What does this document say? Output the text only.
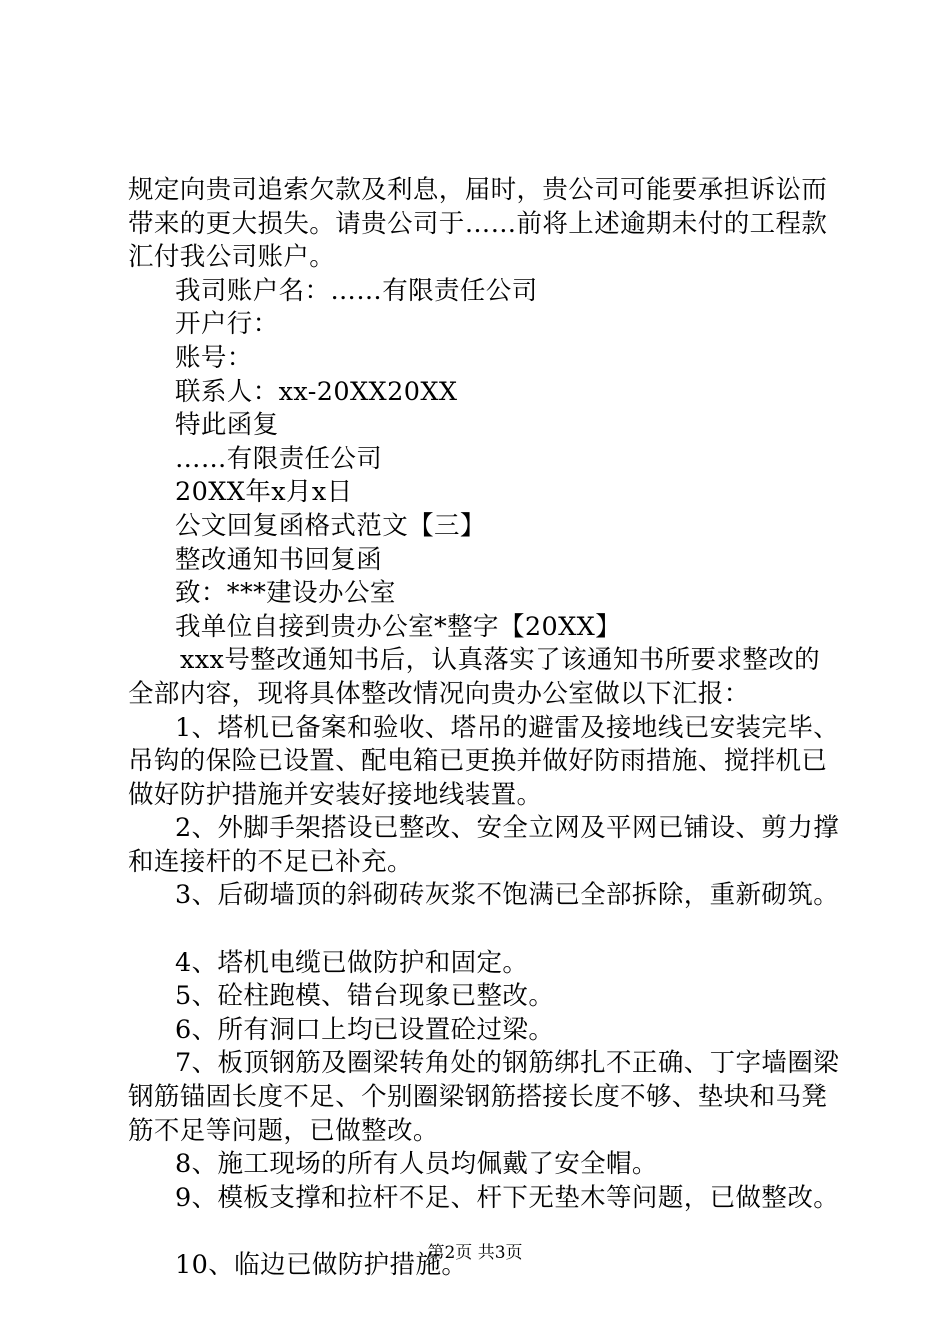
规定向贵司追索欠款及利息，届时，贵公司可能要承担诉讼而
带来的更大损失。请贵公司于……前将上述逾期未付的工程款
汇付我公司账户。
我司账户名：……有限责任公司
开户行：
账号：
联系人：xx-20XX20XX
特此函复
……有限责任公司
20XX年x月x日
公文回复函格式范文【三】
整改通知书回复函
致：***建设办公室
我单位自接到贵办公室*整字【20XX】
xxx号整改通知书后，认真落实了该通知书所要求整改的
全部内容，现将具体整改情况向贵办公室做以下汇报：
1、塔机已备案和验收、塔吊的避雷及接地线已安装完毕、
吊钩的保险已设置、配电箱已更换并做好防雨措施、搅拌机已
做好防护措施并安装好接地线装置。
2、外脚手架搭设已整改、安全立网及平网已铺设、剪力撑
和连接杆的不足已补充。
3、后砌墙顶的斜砌砖灰浆不饱满已全部拆除，重新砌筑。
4、塔机电缆已做防护和固定。
5、砼柱跑模、错台现象已整改。
6、所有洞口上均已设置砼过梁。
7、板顶钢筋及圈梁转角处的钢筋绑扎不正确、丁字墙圈梁
钢筋锚固长度不足、个别圈梁钢筋搭接长度不够、垫块和马凳
筋不足等问题，已做整改。
8、施工现场的所有人员均佩戴了安全帽。
9、模板支撑和拉杆不足、杆下无垫木等问题，已做整改。
10、临边已做防护措施。
第2页 共3页
